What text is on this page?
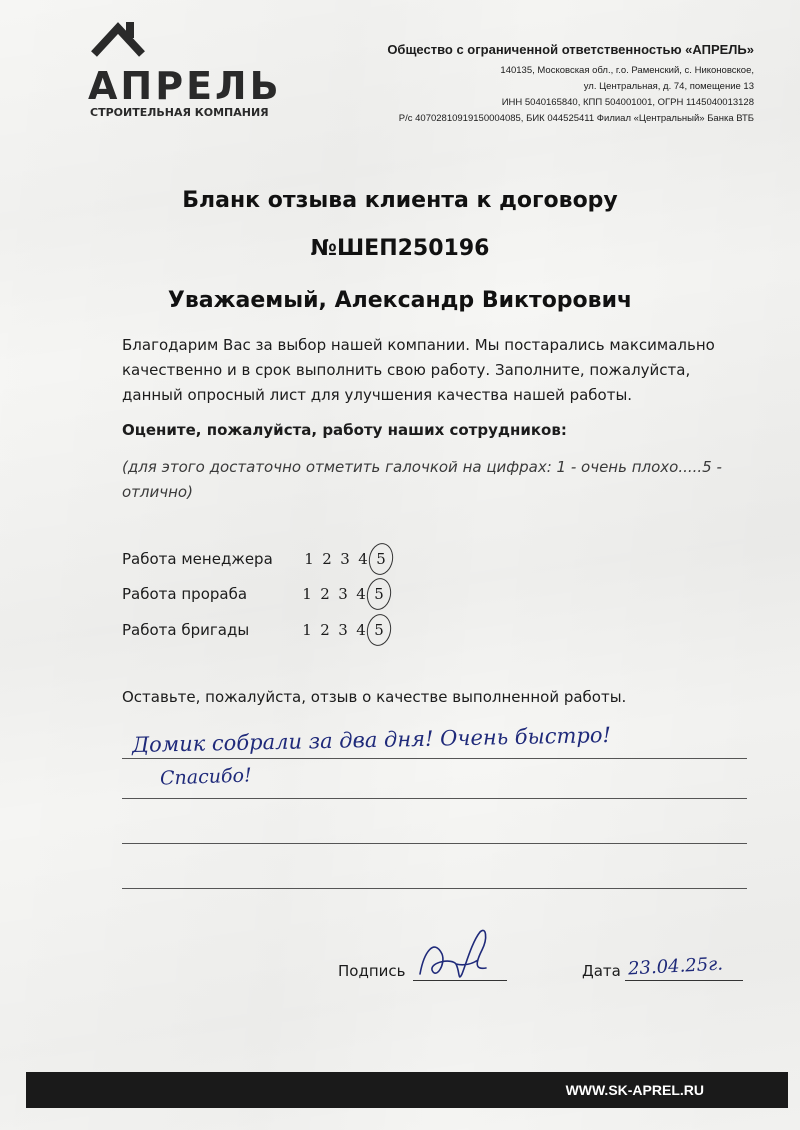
АПРЕЛЬ
СТРОИТЕЛЬНАЯ КОМПАНИЯ
Общество с ограниченной ответственностью «АПРЕЛЬ»
140135, Московская обл., г.о. Раменский, с. Никоновское,
ул. Центральная, д. 74, помещение 13
ИНН 5040165840, КПП 504001001, ОГРН 1145040013128
Р/с 40702810919150004085, БИК 044525411 Филиал «Центральный» Банка ВТБ
Бланк отзыва клиента к договору
№ШЕП250196
Уважаемый, Александр Викторович
Благодарим Вас за выбор нашей компании. Мы постарались максимально качественно и в срок выполнить свою работу. Заполните, пожалуйста, данный опросный лист для улучшения качества нашей работы.
Оцените, пожалуйста, работу наших сотрудников:
(для этого достаточно отметить галочкой на цифрах: 1 - очень плохо.....5 - отлично)
Работа менеджера 1 2 3 4 5
Работа прораба	1 2 3 4 5
Работа бригады	1 2 3 4 5
Оставьте, пожалуйста, отзыв о качестве выполненной работы.
Домик собрали за два дня! Очень быстро!
Спасибо!
Подпись	Дата 23.04.25г.
WWW.SK-APREL.RU
